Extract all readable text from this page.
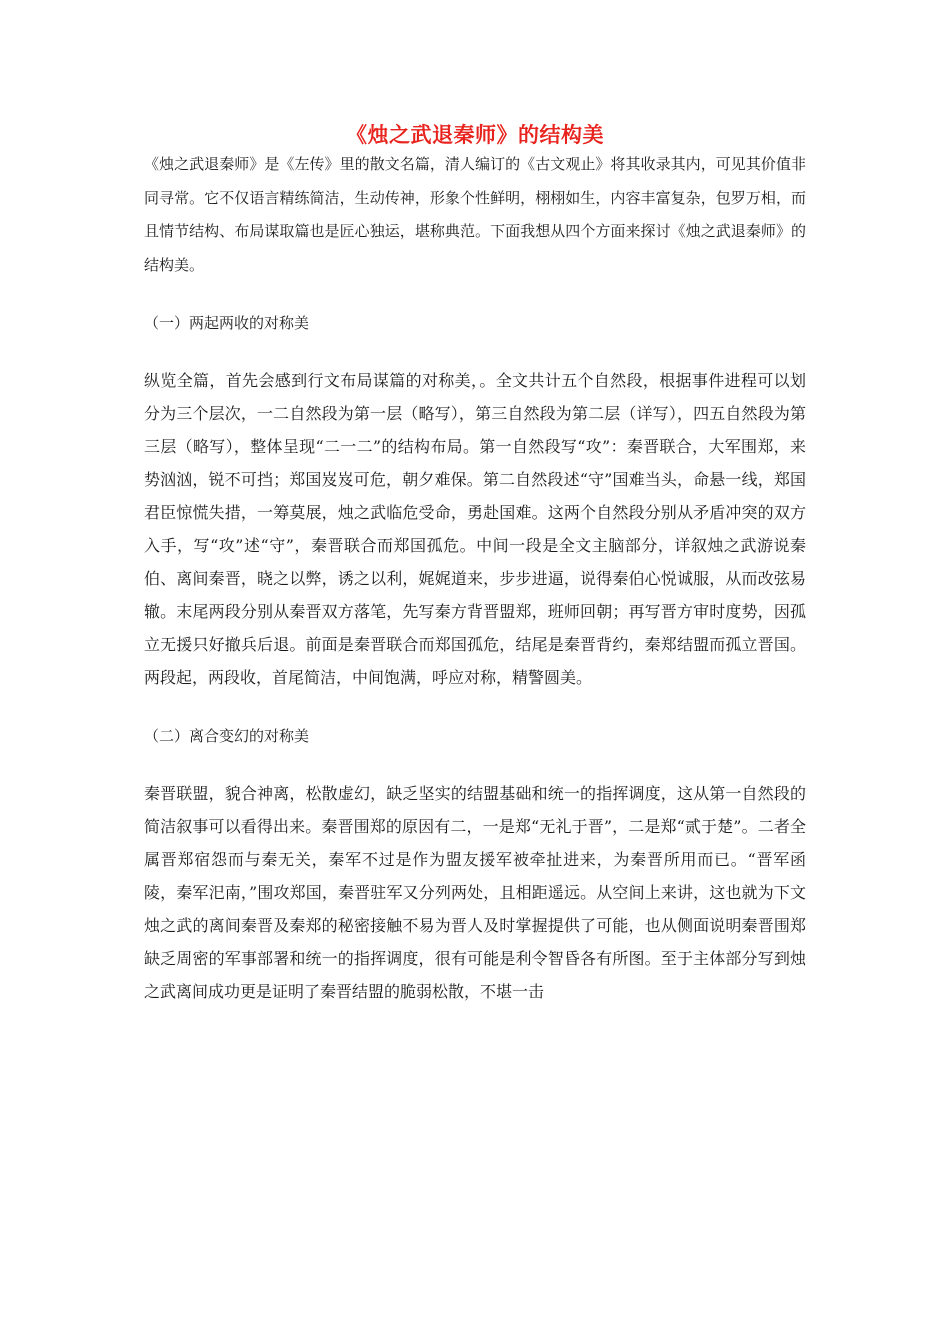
《烛之武退秦师》的结构美

《烛之武退秦师》是《左传》里的散文名篇，清人编订的《古文观止》将其收录其内，可见其价值非同寻常。它不仅语言精练简洁，生动传神，形象个性鲜明，栩栩如生，内容丰富复杂，包罗万相，而且情节结构、布局谋取篇也是匠心独运，堪称典范。下面我想从四个方面来探讨《烛之武退秦师》的结构美。

（一）两起两收的对称美

纵览全篇，首先会感到行文布局谋篇的对称美，。全文共计五个自然段，根据事件进程可以划分为三个层次，一二自然段为第一层（略写），第三自然段为第二层（详写），四五自然段为第三层（略写），整体呈现“二一二”的结构布局。第一自然段写“攻”：秦晋联合，大军围郑，来势汹汹，锐不可挡；郑国岌岌可危，朝夕难保。第二自然段述“守”国难当头，命悬一线，郑国君臣惊慌失措，一筹莫展，烛之武临危受命，勇赴国难。这两个自然段分别从矛盾冲突的双方入手，写“攻”述“守”，秦晋联合而郑国孤危。中间一段是全文主脑部分，详叙烛之武游说秦伯、离间秦晋，晓之以弊，诱之以利，娓娓道来，步步进逼，说得秦伯心悦诚服，从而改弦易辙。末尾两段分别从秦晋双方落笔，先写秦方背晋盟郑，班师回朝；再写晋方审时度势，因孤立无援只好撤兵后退。前面是秦晋联合而郑国孤危，结尾是秦晋背约，秦郑结盟而孤立晋国。两段起，两段收，首尾简洁，中间饱满，呼应对称，精警圆美。

（二）离合变幻的对称美

秦晋联盟，貌合神离，松散虚幻，缺乏坚实的结盟基础和统一的指挥调度，这从第一自然段的简洁叙事可以看得出来。秦晋围郑的原因有二，一是郑“无礼于晋”，二是郑“贰于楚”。二者全属晋郑宿怨而与秦无关，秦军不过是作为盟友援军被牵扯进来，为秦晋所用而已。“晋军函陵，秦军汜南，”围攻郑国，秦晋驻军又分列两处，且相距遥远。从空间上来讲，这也就为下文烛之武的离间秦晋及秦郑的秘密接触不易为晋人及时掌握提供了可能，也从侧面说明秦晋围郑缺乏周密的军事部署和统一的指挥调度，很有可能是利令智昏各有所图。至于主体部分写到烛之武离间成功更是证明了秦晋结盟的脆弱松散，不堪一击
